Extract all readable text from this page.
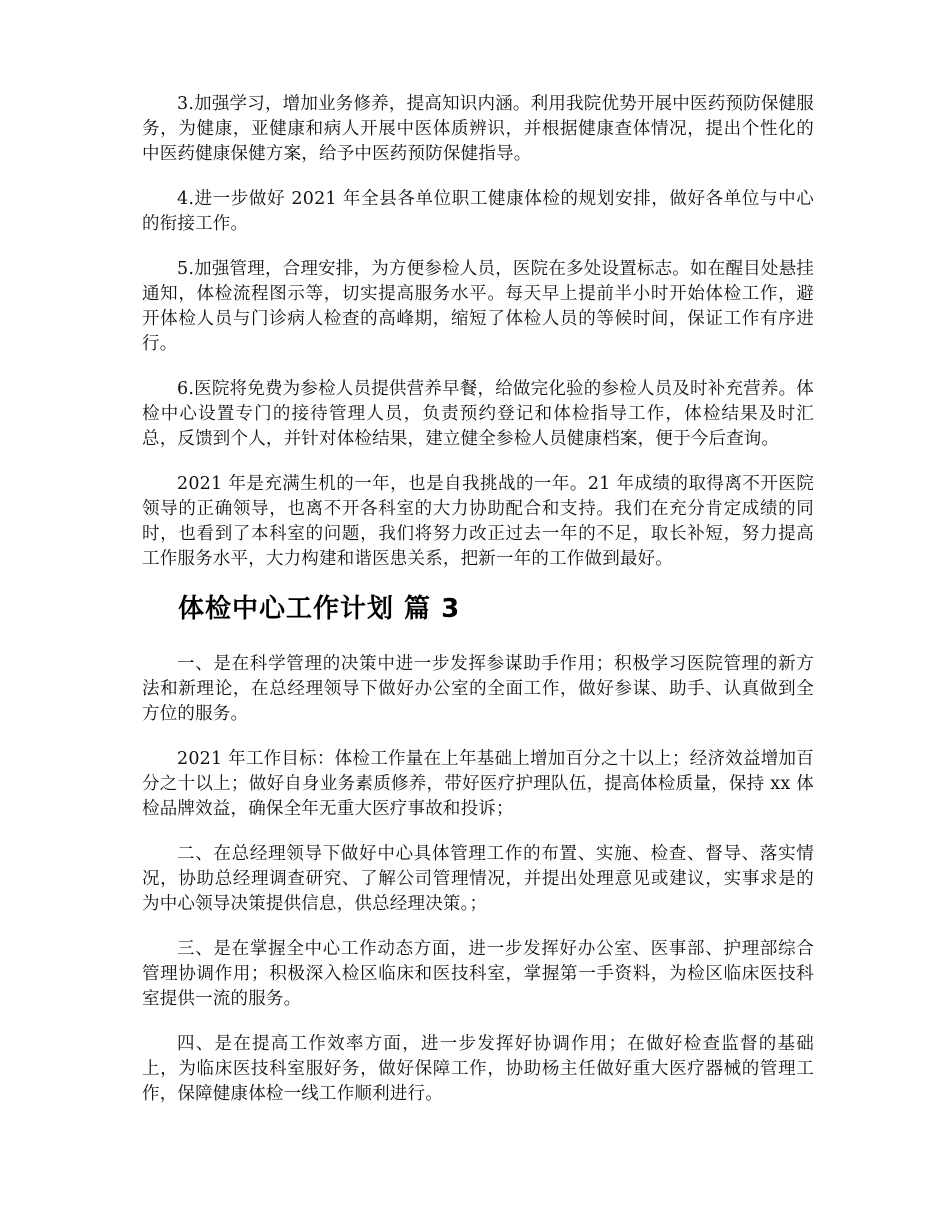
3.加强学习，增加业务修养，提高知识内涵。利用我院优势开展中医药预防保健服务，为健康，亚健康和病人开展中医体质辨识，并根据健康查体情况，提出个性化的中医药健康保健方案，给予中医药预防保健指导。

4.进一步做好 2021 年全县各单位职工健康体检的规划安排，做好各单位与中心的衔接工作。

5.加强管理，合理安排，为方便参检人员，医院在多处设置标志。如在醒目处悬挂通知，体检流程图示等，切实提高服务水平。每天早上提前半小时开始体检工作，避开体检人员与门诊病人检查的高峰期，缩短了体检人员的等候时间，保证工作有序进行。

6.医院将免费为参检人员提供营养早餐，给做完化验的参检人员及时补充营养。体检中心设置专门的接待管理人员，负责预约登记和体检指导工作，体检结果及时汇总，反馈到个人，并针对体检结果，建立健全参检人员健康档案，便于今后查询。

2021 年是充满生机的一年，也是自我挑战的一年。21 年成绩的取得离不开医院领导的正确领导，也离不开各科室的大力协助配合和支持。我们在充分肯定成绩的同时，也看到了本科室的问题，我们将努力改正过去一年的不足，取长补短，努力提高工作服务水平，大力构建和谐医患关系，把新一年的工作做到最好。

体检中心工作计划 篇 3

一、是在科学管理的决策中进一步发挥参谋助手作用；积极学习医院管理的新方法和新理论，在总经理领导下做好办公室的全面工作，做好参谋、助手、认真做到全方位的服务。

2021 年工作目标：体检工作量在上年基础上增加百分之十以上；经济效益增加百分之十以上；做好自身业务素质修养，带好医疗护理队伍，提高体检质量，保持 xx 体检品牌效益，确保全年无重大医疗事故和投诉；

二、在总经理领导下做好中心具体管理工作的布置、实施、检查、督导、落实情况，协助总经理调查研究、了解公司管理情况，并提出处理意见或建议，实事求是的为中心领导决策提供信息，供总经理决策。；

三、是在掌握全中心工作动态方面，进一步发挥好办公室、医事部、护理部综合管理协调作用；积极深入检区临床和医技科室，掌握第一手资料，为检区临床医技科室提供一流的服务。

四、是在提高工作效率方面，进一步发挥好协调作用；在做好检查监督的基础上，为临床医技科室服好务，做好保障工作，协助杨主任做好重大医疗器械的管理工作，保障健康体检一线工作顺利进行。
